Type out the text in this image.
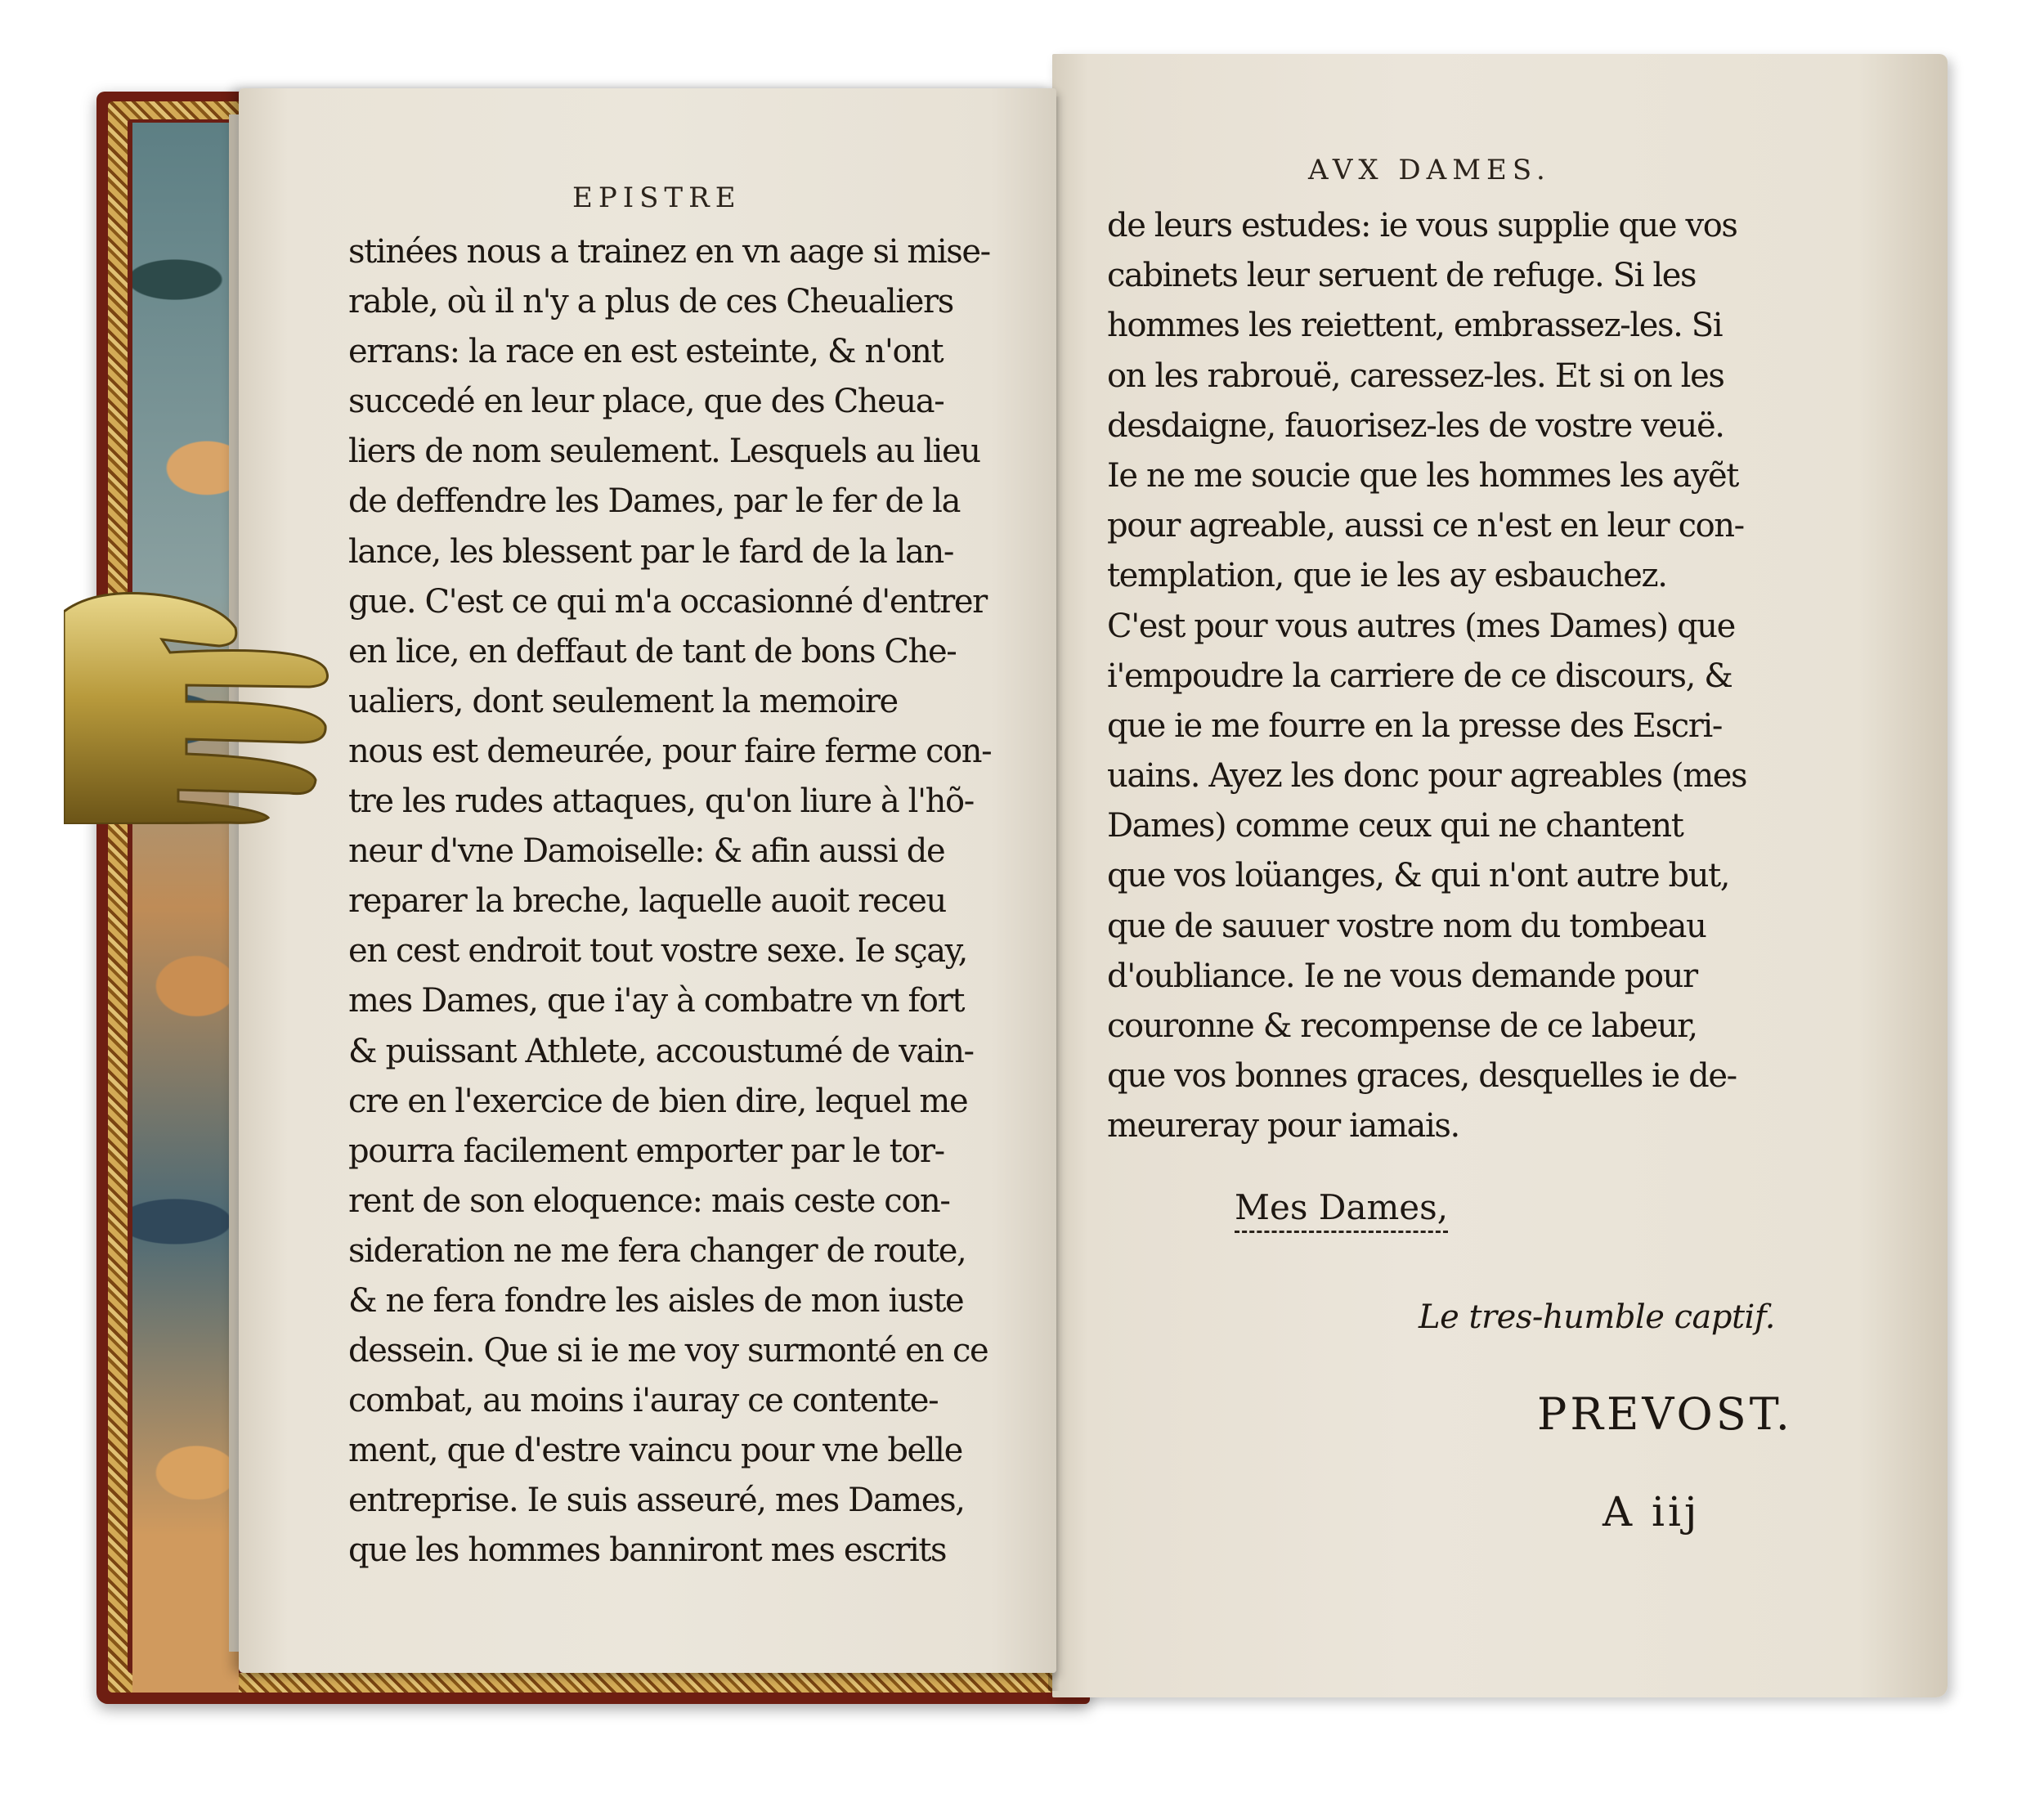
EPISTRE
stinées nous a trainez en vn aage si mise-
rable, où il n'y a plus de ces Cheualiers
errans: la race en est esteinte, & n'ont
succedé en leur place, que des Cheua-
liers de nom seulement. Lesquels au lieu
de deffendre les Dames, par le fer de la
lance, les blessent par le fard de la lan-
gue. C'est ce qui m'a occasionné d'entrer
en lice, en deffaut de tant de bons Che-
ualiers, dont seulement la memoire
nous est demeurée, pour faire ferme con-
tre les rudes attaques, qu'on liure à l'hõ-
neur d'vne Damoiselle: & afin aussi de
reparer la breche, laquelle auoit receu
en cest endroit tout vostre sexe. Ie sçay,
mes Dames, que i'ay à combatre vn fort
& puissant Athlete, accoustumé de vain-
cre en l'exercice de bien dire, lequel me
pourra facilement emporter par le tor-
rent de son eloquence: mais ceste con-
sideration ne me fera changer de route,
& ne fera fondre les aisles de mon iuste
dessein. Que si ie me voy surmonté en ce
combat, au moins i'auray ce contente-
ment, que d'estre vaincu pour vne belle
entreprise. Ie suis asseuré, mes Dames,
que les hommes banniront mes escrits
AVX DAMES.
de leurs estudes: ie vous supplie que vos
cabinets leur seruent de refuge. Si les
hommes les reiettent, embrassez-les. Si
on les rabrouë, caressez-les. Et si on les
desdaigne, fauorisez-les de vostre veuë.
Ie ne me soucie que les hommes les ayẽt
pour agreable, aussi ce n'est en leur con-
templation, que ie les ay esbauchez.
C'est pour vous autres (mes Dames) que
i'empoudre la carriere de ce discours, &
que ie me fourre en la presse des Escri-
uains. Ayez les donc pour agreables (mes
Dames) comme ceux qui ne chantent
que vos loüanges, & qui n'ont autre but,
que de sauuer vostre nom du tombeau
d'oubliance. Ie ne vous demande pour
couronne & recompense de ce labeur,
que vos bonnes graces, desquelles ie de-
meureray pour iamais.
Mes Dames,
Le tres-humble captif.
PREVOST.
A iij
